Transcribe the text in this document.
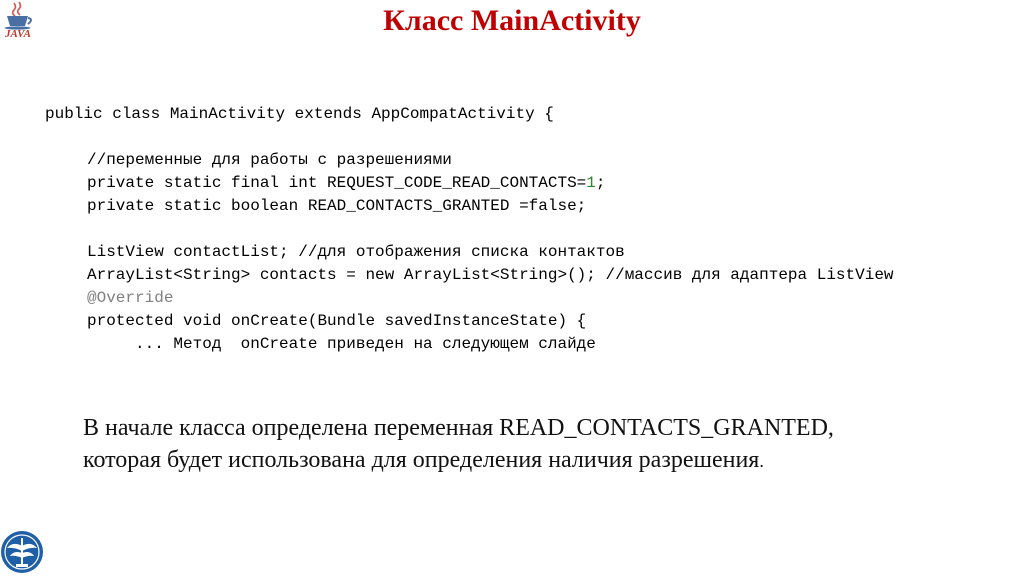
JAVA	Класс MainActivity
public class MainActivity extends AppCompatActivity {
//переменные для работы с разрешениями
private static final int REQUEST_CODE_READ_CONTACTS=1;
private static boolean READ_CONTACTS_GRANTED =false;
ListView contactList; //для отображения списка контактов
ArrayList<String> contacts = new ArrayList<String>(); //массив для адаптера ListView
@Override
protected void onCreate(Bundle savedInstanceState) {
... Метод  onCreate приведен на следующем слайде

В начале класса определена переменная READ_CONTACTS_GRANTED,

которая будет использована для определения наличия разрешения.
